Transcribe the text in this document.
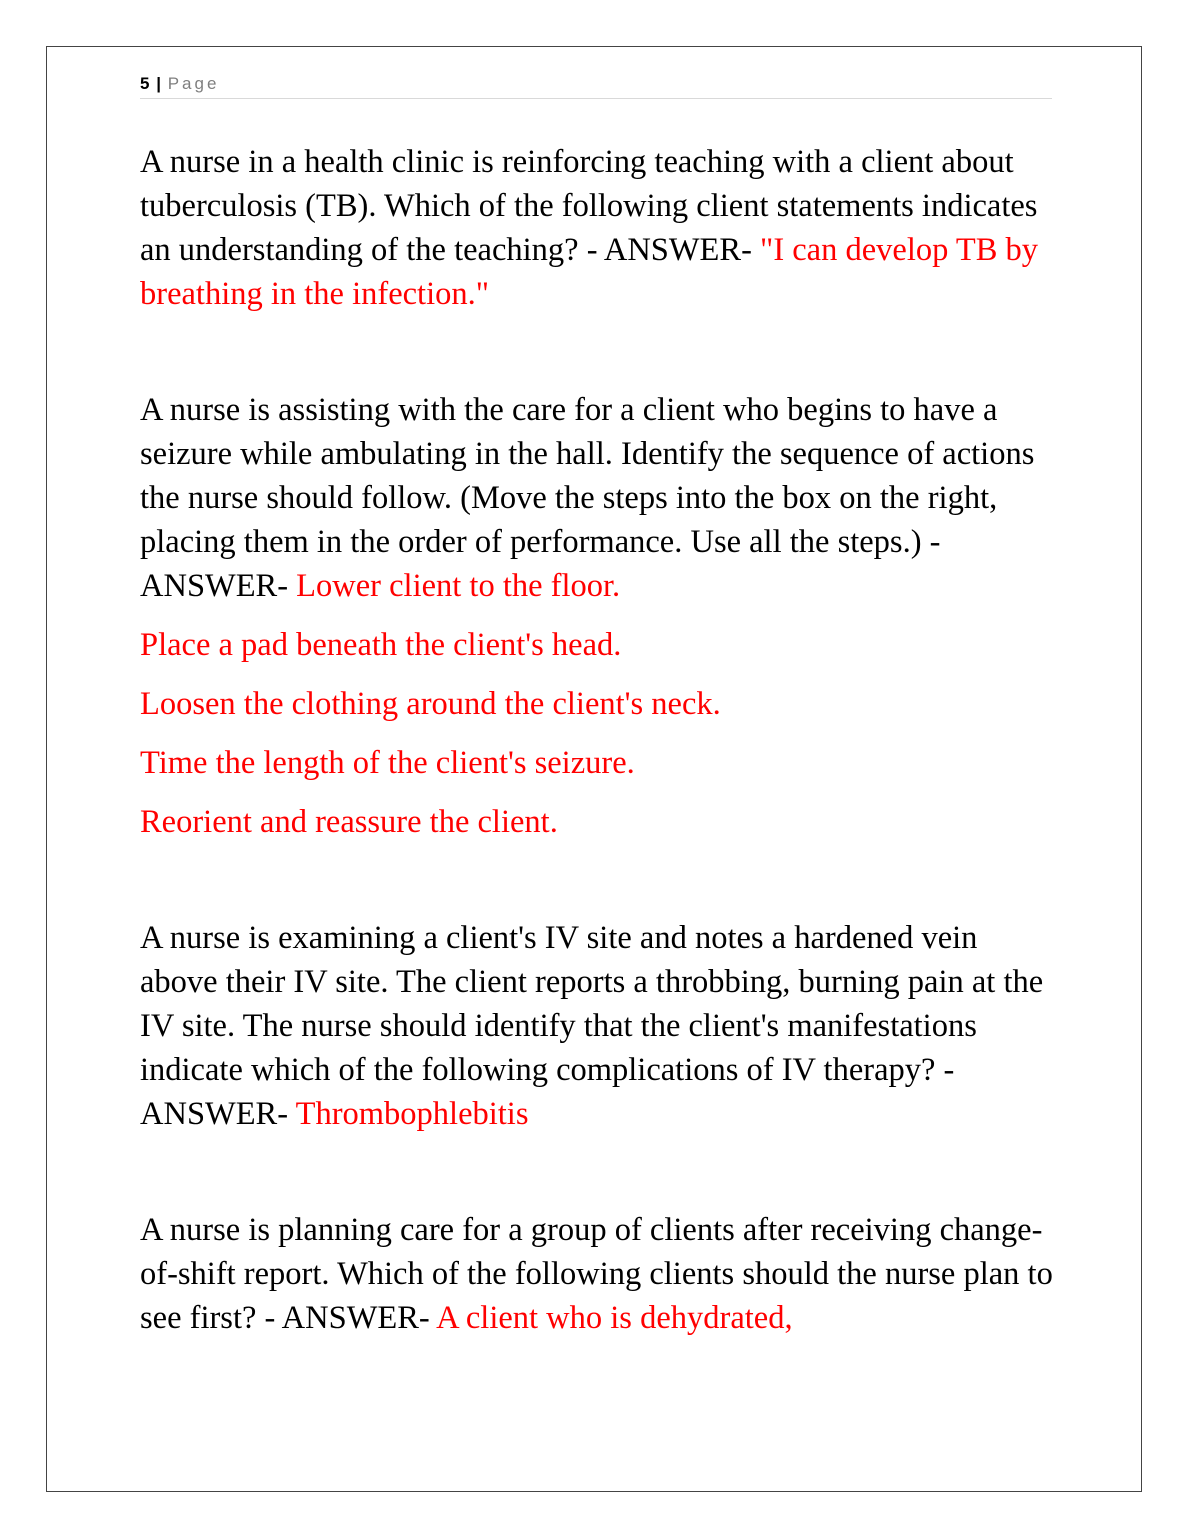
5 | Page

A nurse in a health clinic is reinforcing teaching with a client about tuberculosis (TB). Which of the following client statements indicates an understanding of the teaching? - ANSWER- "I can develop TB by breathing in the infection."

A nurse is assisting with the care for a client who begins to have a seizure while ambulating in the hall. Identify the sequence of actions the nurse should follow. (Move the steps into the box on the right, placing them in the order of performance. Use all the steps.) - ANSWER- Lower client to the floor.

Place a pad beneath the client's head.

Loosen the clothing around the client's neck.

Time the length of the client's seizure.

Reorient and reassure the client.

A nurse is examining a client's IV site and notes a hardened vein above their IV site. The client reports a throbbing, burning pain at the IV site. The nurse should identify that the client's manifestations indicate which of the following complications of IV therapy? - ANSWER- Thrombophlebitis

A nurse is planning care for a group of clients after receiving change-of-shift report. Which of the following clients should the nurse plan to see first? - ANSWER- A client who is dehydrated,
